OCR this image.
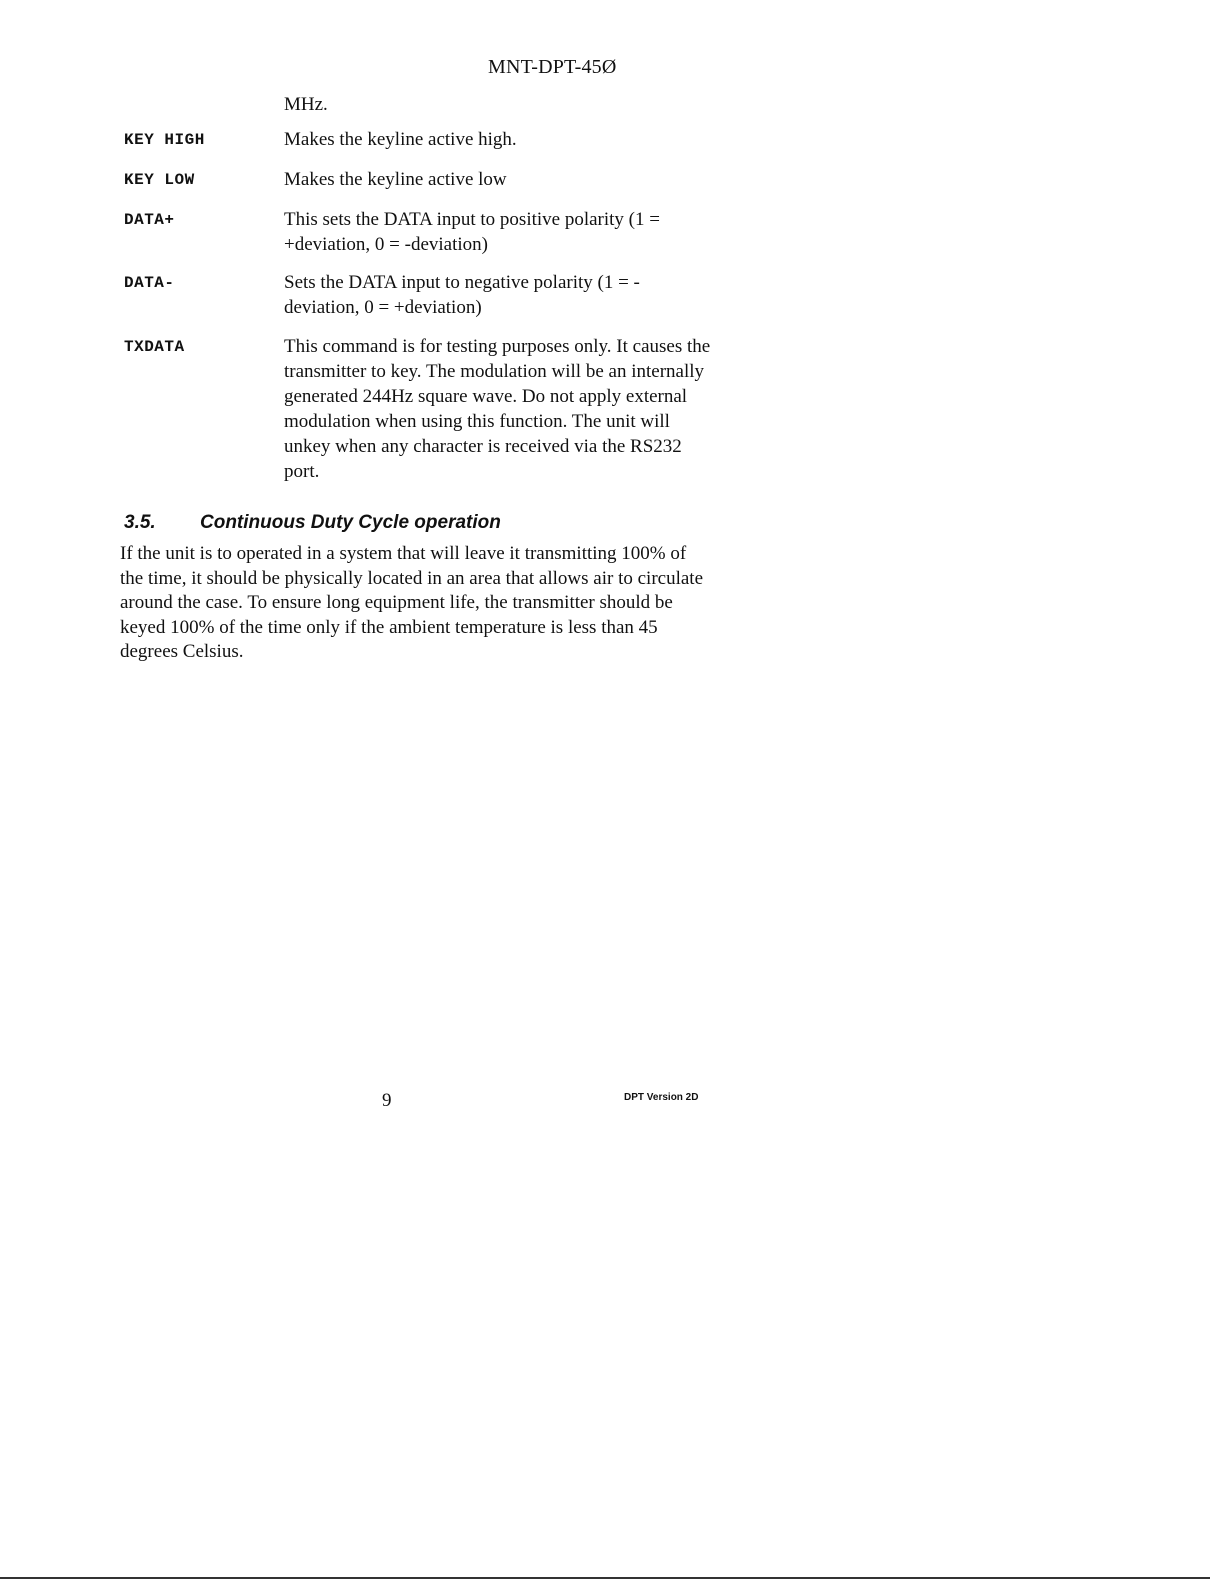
MNT-DPT-45Ø
MHz.
KEY HIGH	Makes the keyline active high.
KEY LOW	Makes the keyline active low
DATA+	This sets the DATA input to positive polarity (1 = +deviation, 0 = -deviation)
DATA-	Sets the DATA input to negative polarity (1 = -deviation, 0 = +deviation)
TXDATA	This command is for testing purposes only. It causes the transmitter to key. The modulation will be an internally generated 244Hz square wave. Do not apply external modulation when using this function. The unit will unkey when any character is received via the RS232 port.
3.5. Continuous Duty Cycle operation
If the unit is to operated in a system that will leave it transmitting 100% of the time, it should be physically located in an area that allows air to circulate around the case. To ensure long equipment life, the transmitter should be keyed 100% of the time only if the ambient temperature is less than 45 degrees Celsius.
9	DPT Version 2D
